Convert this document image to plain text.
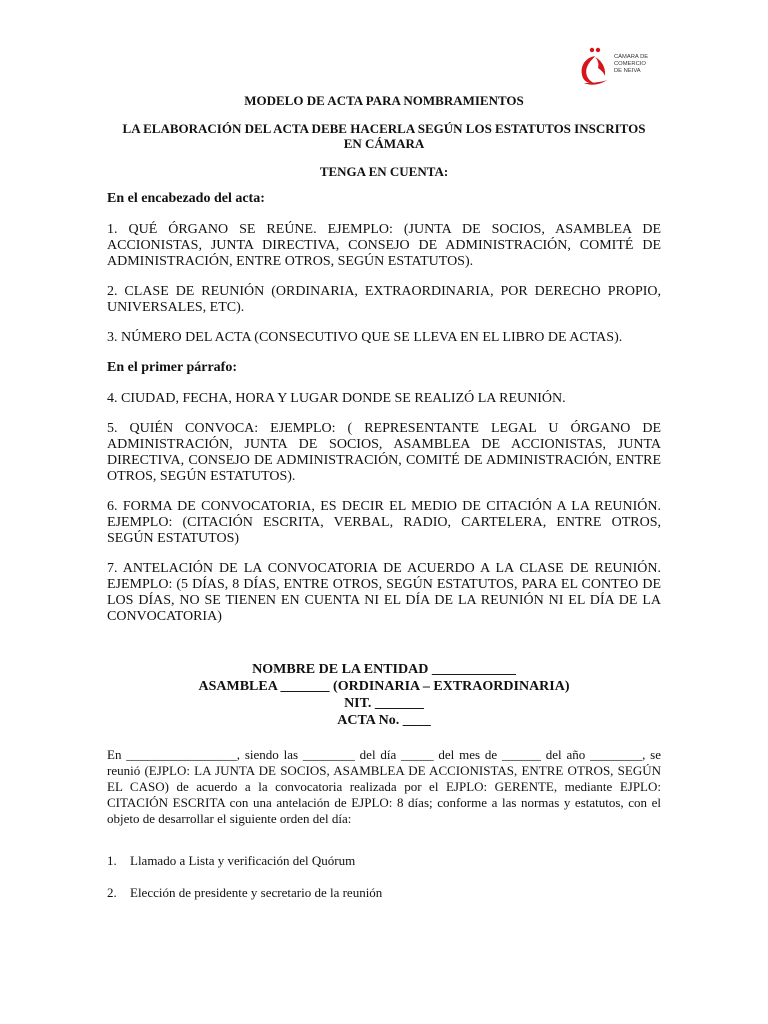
CÁMARA DE
COMERCIO
DE NEIVA

MODELO DE ACTA PARA NOMBRAMIENTOS

LA ELABORACIÓN DEL ACTA DEBE HACERLA SEGÚN LOS ESTATUTOS INSCRITOS EN CÁMARA

TENGA EN CUENTA:

En el encabezado del acta:

1. QUÉ ÓRGANO SE REÚNE. EJEMPLO: (JUNTA DE SOCIOS, ASAMBLEA DE ACCIONISTAS, JUNTA DIRECTIVA, CONSEJO DE ADMINISTRACIÓN, COMITÉ DE ADMINISTRACIÓN, ENTRE OTROS, SEGÚN ESTATUTOS).

2. CLASE DE REUNIÓN (ORDINARIA, EXTRAORDINARIA, POR DERECHO PROPIO, UNIVERSALES, ETC).

3. NÚMERO DEL ACTA (CONSECUTIVO QUE SE LLEVA EN EL LIBRO DE ACTAS).

En el primer párrafo:

4. CIUDAD, FECHA, HORA Y LUGAR DONDE SE REALIZÓ LA REUNIÓN.

5. QUIÉN CONVOCA: EJEMPLO: ( REPRESENTANTE LEGAL U ÓRGANO DE ADMINISTRACIÓN, JUNTA DE SOCIOS, ASAMBLEA DE ACCIONISTAS, JUNTA DIRECTIVA, CONSEJO DE ADMINISTRACIÓN, COMITÉ DE ADMINISTRACIÓN, ENTRE OTROS, SEGÚN ESTATUTOS).

6. FORMA DE CONVOCATORIA, ES DECIR EL MEDIO DE CITACIÓN A LA REUNIÓN. EJEMPLO: (CITACIÓN ESCRITA, VERBAL, RADIO, CARTELERA, ENTRE OTROS, SEGÚN ESTATUTOS)

7. ANTELACIÓN DE LA CONVOCATORIA DE ACUERDO A LA CLASE DE REUNIÓN. EJEMPLO: (5 DÍAS, 8 DÍAS, ENTRE OTROS, SEGÚN ESTATUTOS, PARA EL CONTEO DE LOS DÍAS, NO SE TIENEN EN CUENTA NI EL DÍA DE LA REUNIÓN NI EL DÍA DE LA CONVOCATORIA)

NOMBRE DE LA ENTIDAD ____________
ASAMBLEA _______ (ORDINARIA – EXTRAORDINARIA)
NIT. _______
ACTA No. ____

En _________________, siendo las ________ del día _____ del mes de ______ del año ________, se reunió (EJPLO: LA JUNTA DE SOCIOS, ASAMBLEA DE ACCIONISTAS, ENTRE OTROS, SEGÚN EL CASO) de acuerdo a la convocatoria realizada por el EJPLO: GERENTE, mediante EJPLO: CITACIÓN ESCRITA con una antelación de EJPLO: 8 días; conforme a las normas y estatutos, con el objeto de desarrollar el siguiente orden del día:

1. Llamado a Lista y verificación del Quórum
2. Elección de presidente y secretario de la reunión
